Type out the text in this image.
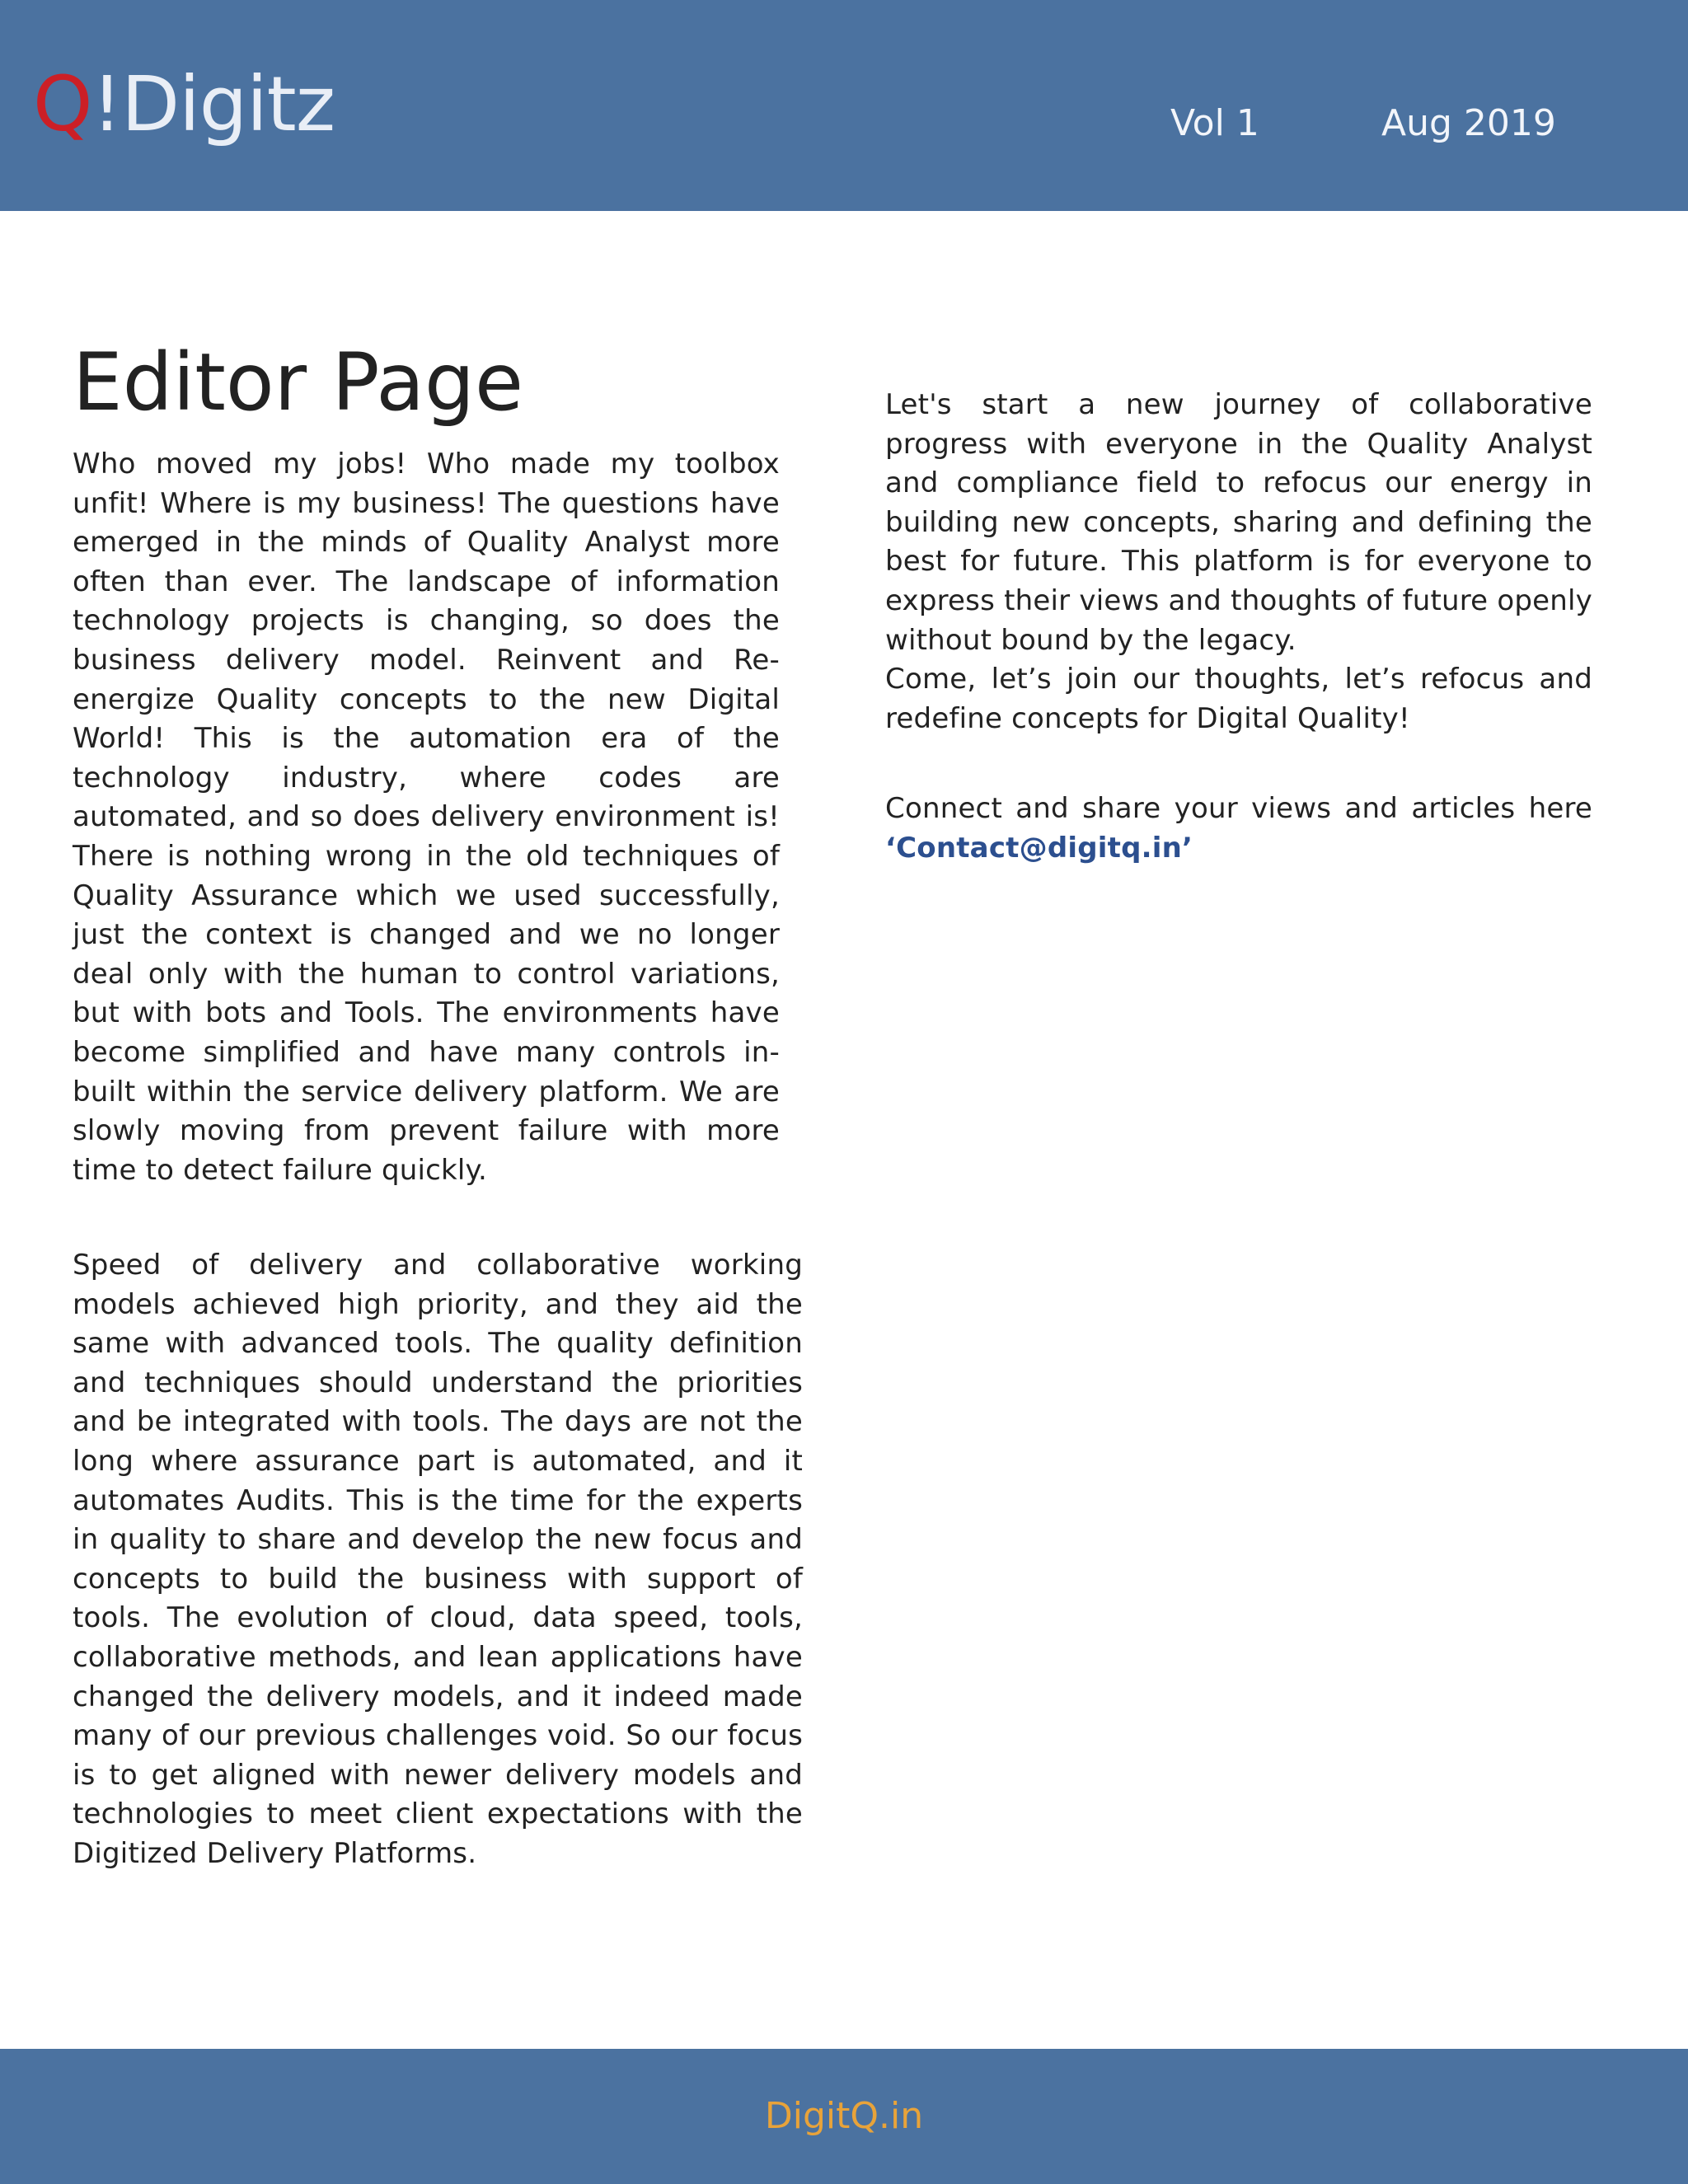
Q!Digitz	Vol 1	Aug 2019
Editor Page

Who moved my jobs! Who made my toolbox unfit! Where is my business! The questions have emerged in the minds of Quality Analyst more often than ever. The landscape of information technology projects is changing, so does the business delivery model. Reinvent and Re-energize Quality concepts to the new Digital World! This is the automation era of the technology industry, where codes are automated, and so does delivery environment is! There is nothing wrong in the old techniques of Quality Assurance which we used successfully, just the context is changed and we no longer deal only with the human to control variations, but with bots and Tools. The environments have become simplified and have many controls in-built within the service delivery platform. We are slowly moving from prevent failure with more time to detect failure quickly.

Speed of delivery and collaborative working models achieved high priority, and they aid the same with advanced tools. The quality definition and techniques should understand the priorities and be integrated with tools. The days are not the long where assurance part is automated, and it automates Audits. This is the time for the experts in quality to share and develop the new focus and concepts to build the business with support of tools. The evolution of cloud, data speed, tools, collaborative methods, and lean applications have changed the delivery models, and it indeed made many of our previous challenges void. So our focus is to get aligned with newer delivery models and technologies to meet client expectations with the Digitized Delivery Platforms.

Let's start a new journey of collaborative progress with everyone in the Quality Analyst and compliance field to refocus our energy in building new concepts, sharing and defining the best for future. This platform is for everyone to express their views and thoughts of future openly without bound by the legacy.

Come, let’s join our thoughts, let’s refocus and redefine concepts for Digital Quality!

Connect and share your views and articles here ‘Contact@digitq.in’

DigitQ.in
